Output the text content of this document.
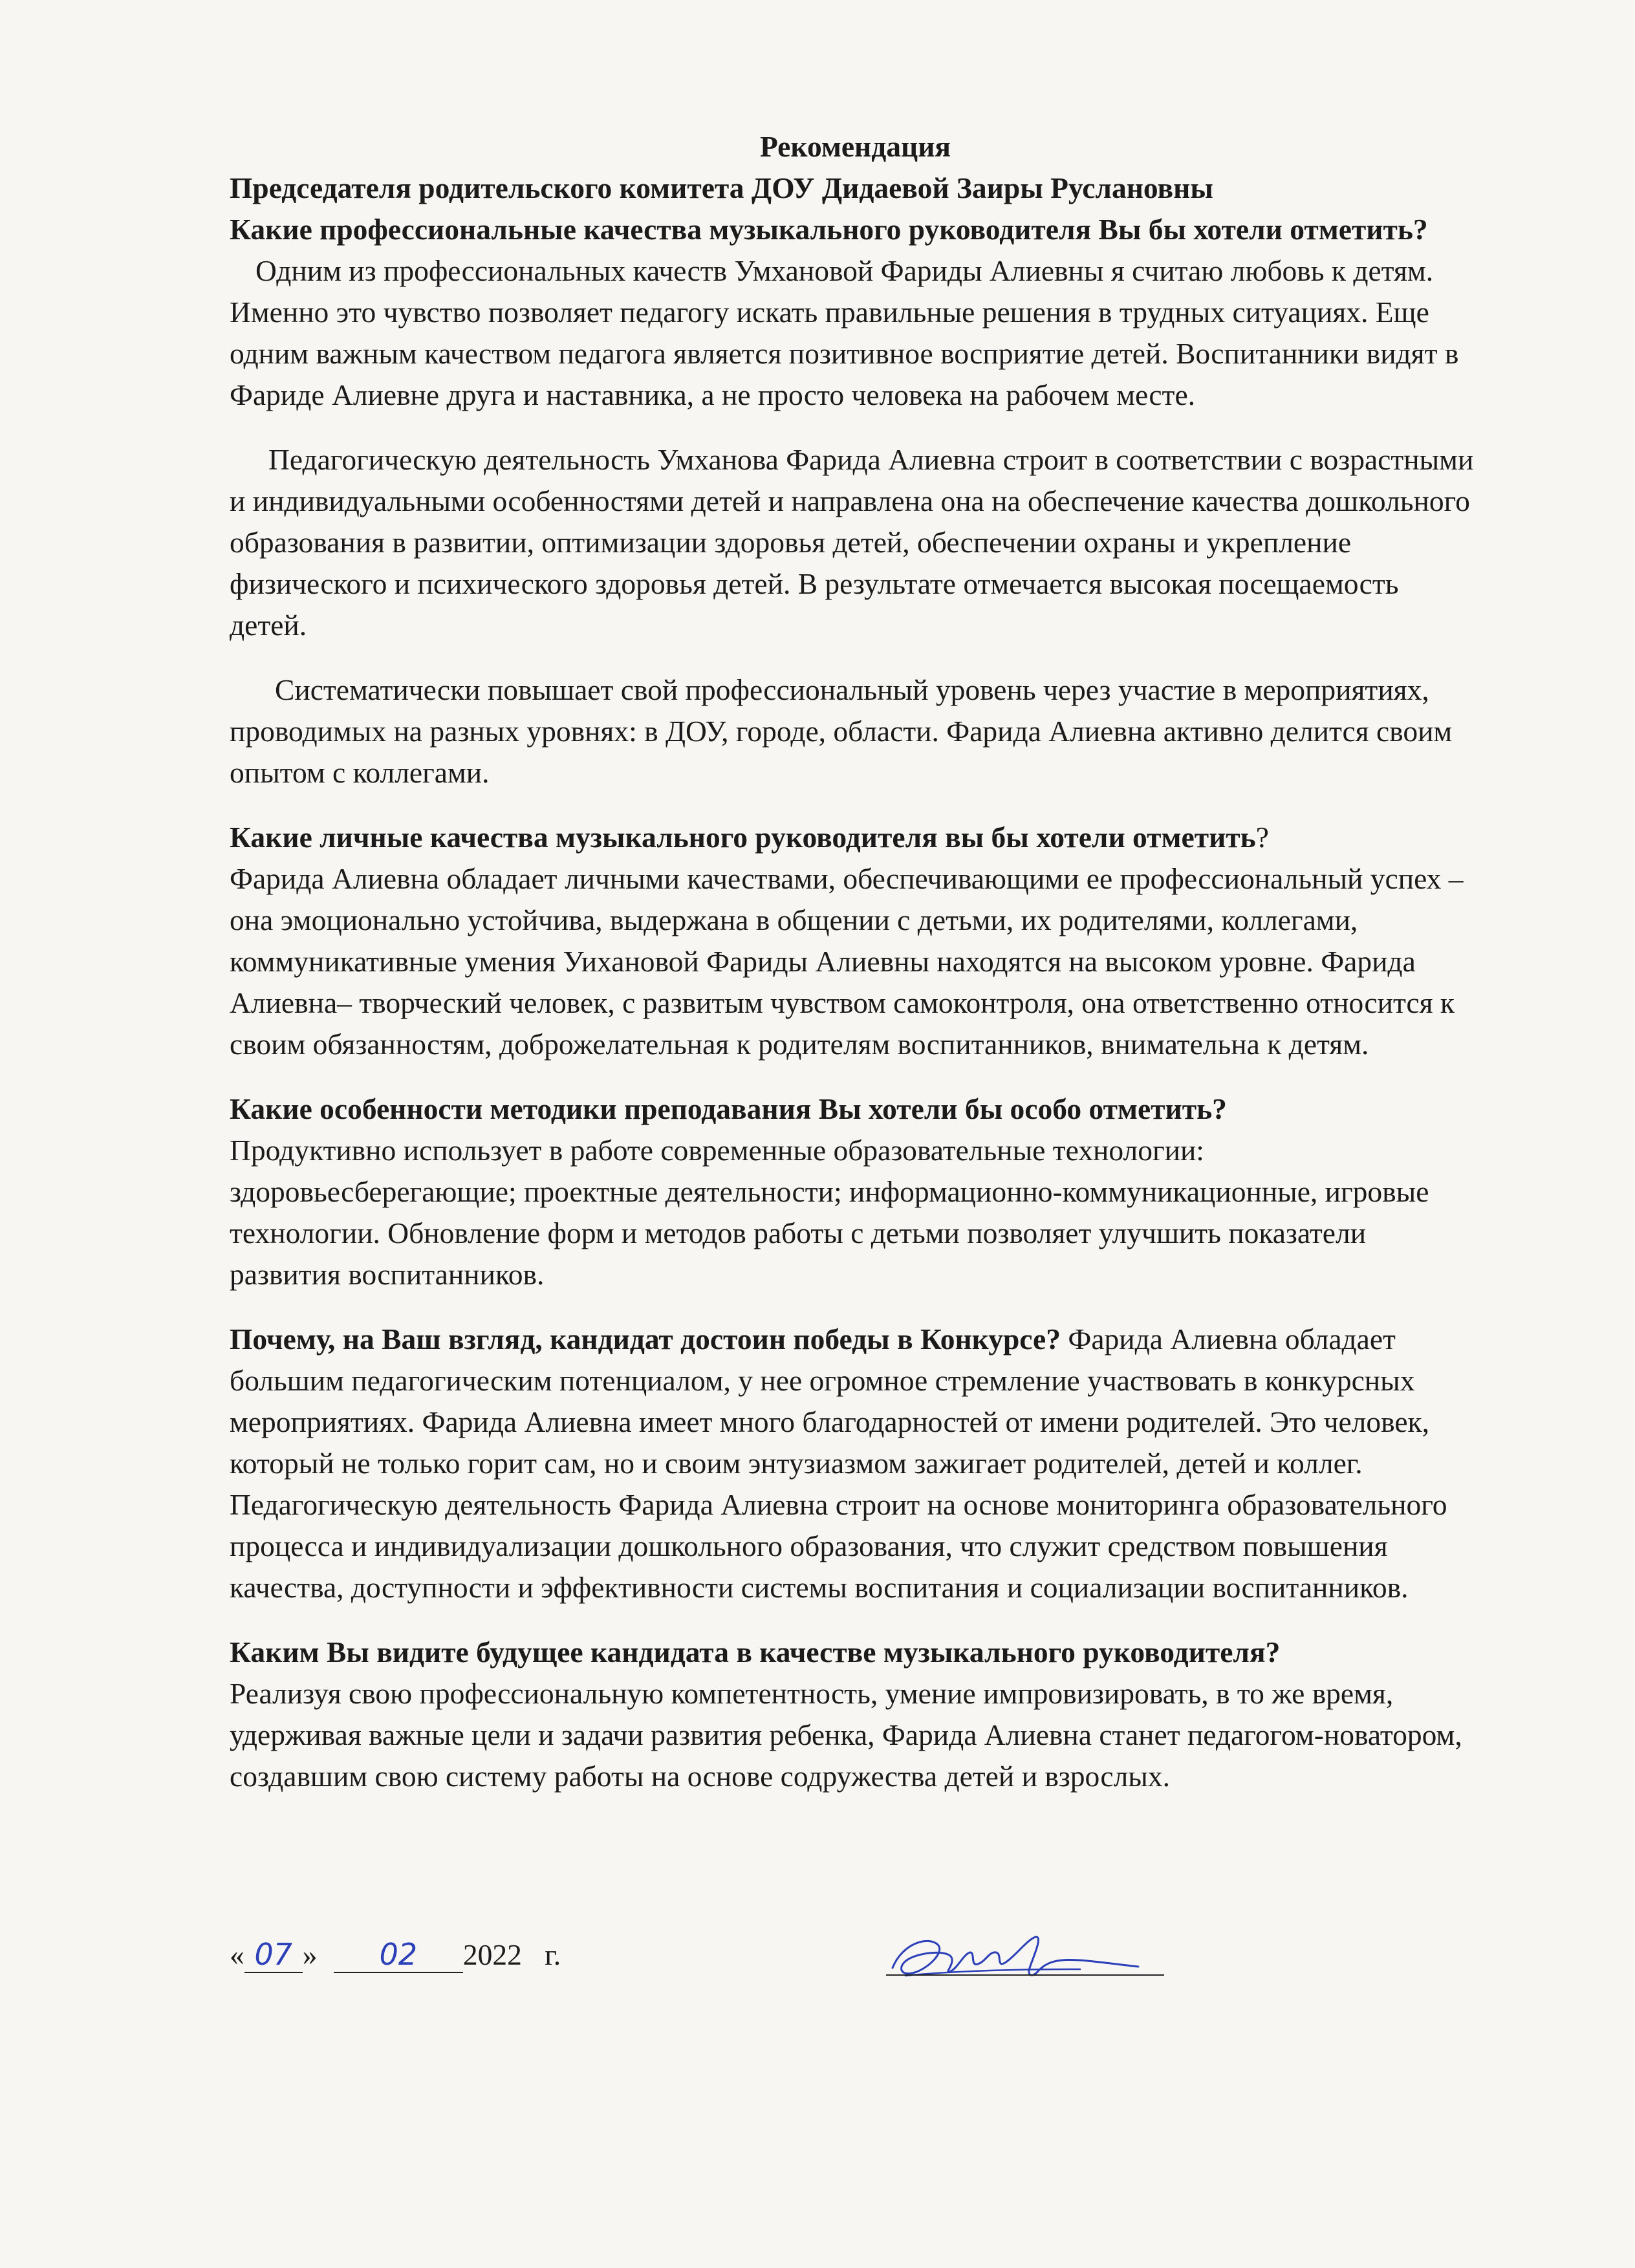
Рекомендация

Председателя родительского комитета ДОУ Дидаевой Заиры Руслановны

Какие профессиональные качества музыкального руководителя Вы бы хотели отметить?

Одним из профессиональных качеств Умхановой Фариды Алиевны я считаю любовь к детям. Именно это чувство позволяет педагогу искать правильные решения в трудных ситуациях. Еще одним важным качеством педагога является позитивное восприятие детей. Воспитанники видят в Фариде Алиевне друга и наставника, а не просто человека на рабочем месте.

Педагогическую деятельность Умханова Фарида Алиевна строит в соответствии с возрастными и индивидуальными особенностями детей и направлена она на обеспечение качества дошкольного образования в развитии, оптимизации здоровья детей, обеспечении охраны и укрепление физического и психического здоровья детей. В результате отмечается высокая посещаемость детей.

Систематически повышает свой профессиональный уровень через участие в мероприятиях, проводимых на разных уровнях: в ДОУ, городе, области. Фарида Алиевна активно делится своим опытом с коллегами.

Какие личные качества музыкального руководителя вы бы хотели отметить?

Фарида Алиевна обладает личными качествами, обеспечивающими ее профессиональный успех – она эмоционально устойчива, выдержана в общении с детьми, их родителями, коллегами, коммуникативные умения Уихановой Фариды Алиевны находятся на высоком уровне. Фарида Алиевна– творческий человек, с развитым чувством самоконтроля, она ответственно относится к своим обязанностям, доброжелательная к родителям воспитанников, внимательна к детям.

Какие особенности методики преподавания Вы хотели бы особо отметить?

Продуктивно использует в работе современные образовательные технологии: здоровьесберегающие; проектные деятельности; информационно-коммуникационные, игровые технологии. Обновление форм и методов работы с детьми позволяет улучшить показатели развития воспитанников.

Почему, на Ваш взгляд, кандидат достоин победы в Конкурсе? Фарида Алиевна обладает большим педагогическим потенциалом, у нее огромное стремление участвовать в конкурсных мероприятиях. Фарида Алиевна имеет много благодарностей от имени родителей. Это человек, который не только горит сам, но и своим энтузиазмом зажигает родителей, детей и коллег. Педагогическую деятельность Фарида Алиевна строит на основе мониторинга образовательного процесса и индивидуализации дошкольного образования, что служит средством повышения качества, доступности и эффективности системы воспитания и социализации воспитанников.

Каким Вы видите будущее кандидата в качестве музыкального руководителя?

Реализуя свою профессиональную компетентность, умение импровизировать, в то же время, удерживая важные цели и задачи развития ребенка, Фарида Алиевна станет педагогом-новатором, создавшим свою систему работы на основе содружества детей и взрослых.

« 07 » 02 2022 г.
